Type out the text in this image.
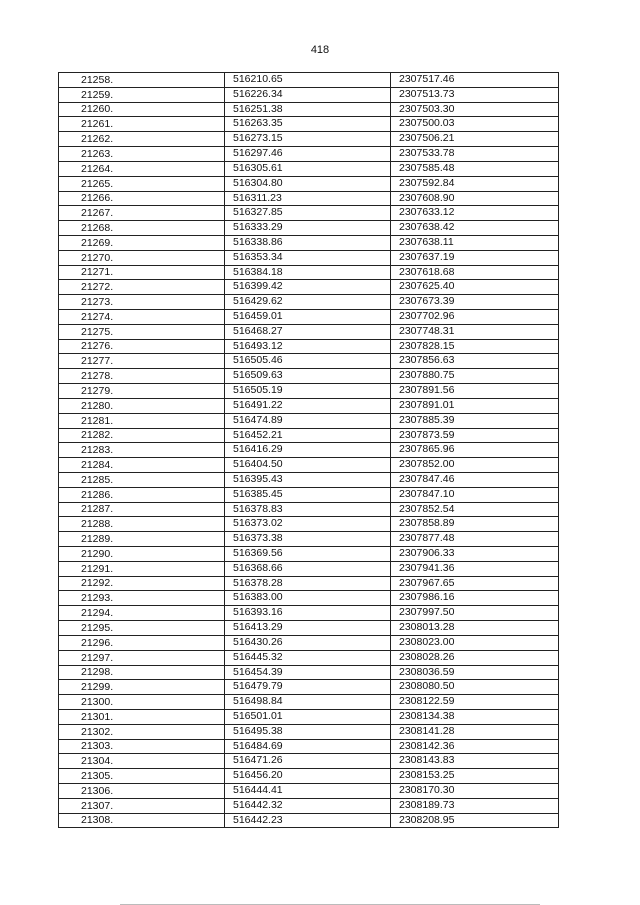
418
21258.	516210.65	2307517.46
21259.	516226.34	2307513.73
21260.	516251.38	2307503.30
21261.	516263.35	2307500.03
21262.	516273.15	2307506.21
21263.	516297.46	2307533.78
21264.	516305.61	2307585.48
21265.	516304.80	2307592.84
21266.	516311.23	2307608.90
21267.	516327.85	2307633.12
21268.	516333.29	2307638.42
21269.	516338.86	2307638.11
21270.	516353.34	2307637.19
21271.	516384.18	2307618.68
21272.	516399.42	2307625.40
21273.	516429.62	2307673.39
21274.	516459.01	2307702.96
21275.	516468.27	2307748.31
21276.	516493.12	2307828.15
21277.	516505.46	2307856.63
21278.	516509.63	2307880.75
21279.	516505.19	2307891.56
21280.	516491.22	2307891.01
21281.	516474.89	2307885.39
21282.	516452.21	2307873.59
21283.	516416.29	2307865.96
21284.	516404.50	2307852.00
21285.	516395.43	2307847.46
21286.	516385.45	2307847.10
21287.	516378.83	2307852.54
21288.	516373.02	2307858.89
21289.	516373.38	2307877.48
21290.	516369.56	2307906.33
21291.	516368.66	2307941.36
21292.	516378.28	2307967.65
21293.	516383.00	2307986.16
21294.	516393.16	2307997.50
21295.	516413.29	2308013.28
21296.	516430.26	2308023.00
21297.	516445.32	2308028.26
21298.	516454.39	2308036.59
21299.	516479.79	2308080.50
21300.	516498.84	2308122.59
21301.	516501.01	2308134.38
21302.	516495.38	2308141.28
21303.	516484.69	2308142.36
21304.	516471.26	2308143.83
21305.	516456.20	2308153.25
21306.	516444.41	2308170.30
21307.	516442.32	2308189.73
21308.	516442.23	2308208.95
